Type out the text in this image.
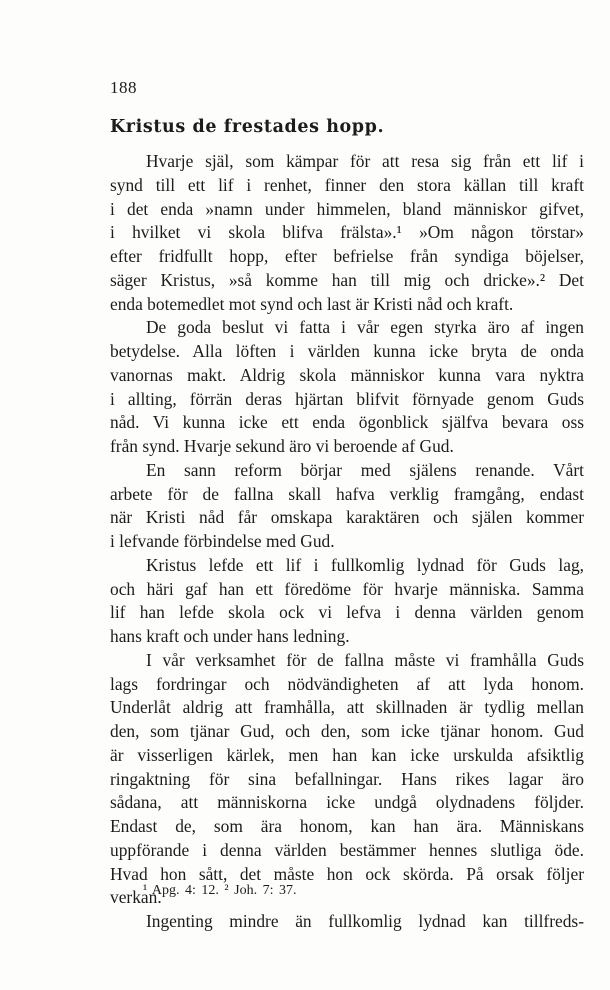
188
Kristus de frestades hopp.
Hvarje själ, som kämpar för att resa sig från ett lif i
synd till ett lif i renhet, finner den stora källan till kraft
i det enda »namn under himmelen, bland människor gifvet,
i hvilket vi skola blifva frälsta».¹ »Om någon törstar»
efter fridfullt hopp, efter befrielse från syndiga böjelser,
säger Kristus, »så komme han till mig och dricke».² Det
enda botemedlet mot synd och last är Kristi nåd och kraft.
De goda beslut vi fatta i vår egen styrka äro af ingen
betydelse. Alla löften i världen kunna icke bryta de onda
vanornas makt. Aldrig skola människor kunna vara nyktra
i allting, förrän deras hjärtan blifvit förnyade genom Guds
nåd. Vi kunna icke ett enda ögonblick själfva bevara oss
från synd. Hvarje sekund äro vi beroende af Gud.
En sann reform börjar med själens renande. Vårt
arbete för de fallna skall hafva verklig framgång, endast
när Kristi nåd får omskapa karaktären och själen kommer
i lefvande förbindelse med Gud.
Kristus lefde ett lif i fullkomlig lydnad för Guds lag,
och häri gaf han ett föredöme för hvarje människa. Samma
lif han lefde skola ock vi lefva i denna världen genom
hans kraft och under hans ledning.
I vår verksamhet för de fallna måste vi framhålla Guds
lags fordringar och nödvändigheten af att lyda honom.
Underlåt aldrig att framhålla, att skillnaden är tydlig mellan
den, som tjänar Gud, och den, som icke tjänar honom. Gud
är visserligen kärlek, men han kan icke urskulda afsiktlig
ringaktning för sina befallningar. Hans rikes lagar äro
sådana, att människorna icke undgå olydnadens följder.
Endast de, som ära honom, kan han ära. Människans
uppförande i denna världen bestämmer hennes slutliga öde.
Hvad hon sått, det måste hon ock skörda. På orsak följer
verkan.
Ingenting mindre än fullkomlig lydnad kan tillfreds-
¹ Apg. 4: 12. ² Joh. 7: 37.
